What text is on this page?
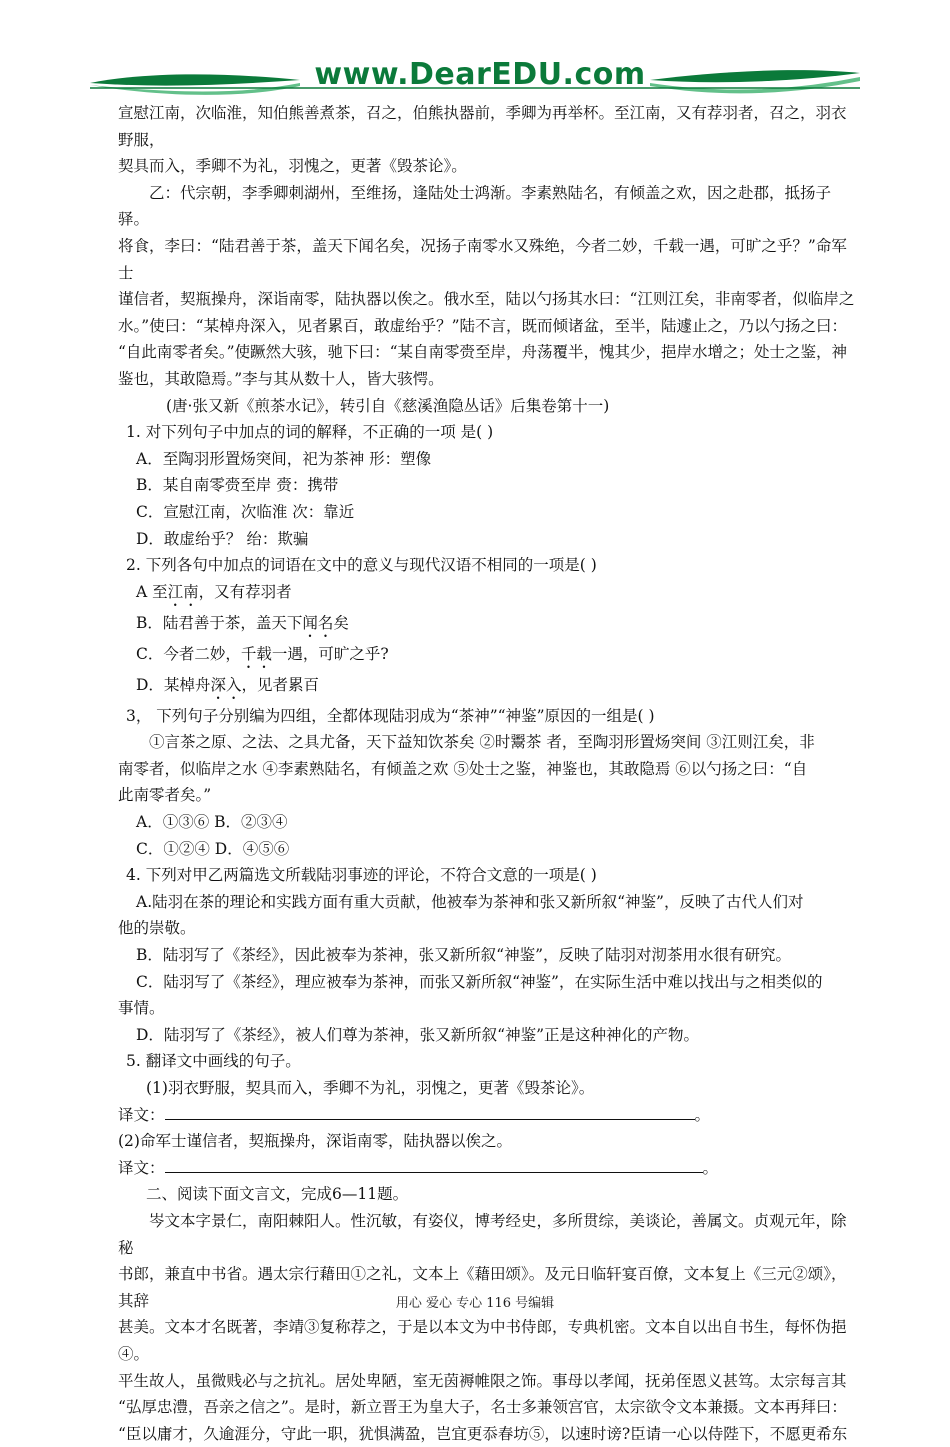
www.DearEDU.com

宣慰江南，次临淮，知伯熊善煮茶，召之，伯熊执器前，季卿为再举杯。至江南，又有荐羽者，召之，羽衣野服，

契具而入，季卿不为礼，羽愧之，更著《毁茶论》。

乙：代宗朝，李季卿刺湖州，至维扬，逢陆处士鸿渐。李素熟陆名，有倾盖之欢，因之赴郡，抵扬子驿。

将食，李曰：“陆君善于茶，盖天下闻名矣，况扬子南零水又殊绝，今者二妙，千载一遇，可旷之乎？”命军士

谨信者，契瓶操舟，深诣南零，陆执器以俟之。俄水至，陆以勺扬其水曰：“江则江矣，非南零者，似临岸之

水。”使曰：“某棹舟深入，见者累百，敢虚绐乎？”陆不言，既而倾诸盆，至半，陆遽止之，乃以勺扬之曰：

“自此南零者矣。”使蹶然大骇，驰下曰：“某自南零赍至岸，舟荡覆半，愧其少，挹岸水增之；处士之鉴，神

鉴也，其敢隐焉。”李与其从数十人，皆大骇愕。

(唐·张又新《煎茶水记》，转引自《慈溪渔隐丛话》后集卷第十一)

1. 对下列句子中加点的词的解释，不正确的一项 是( )

A．至陶羽形置炀突间，祀为茶神 形：塑像

B．某自南零赍至岸 赍：携带

C．宣慰江南，次临淮 次：靠近

D．敢虚绐乎？ 绐：欺骗

2. 下列各句中加点的词语在文中的意义与现代汉语不相同的一项是( )

A 至江南，又有荐羽者

B．陆君善于茶，盖天下闻名矣

C．今者二妙，千载一遇，可旷之乎?

D．某棹舟深入，见者累百

3， 下列句子分别编为四组，全都体现陆羽成为“茶神”“神鉴”原因的一组是( )

①言茶之原、之法、之具尤备，天下益知饮茶矣 ②时鬻茶 者，至陶羽形置炀突间 ③江则江矣，非

南零者，似临岸之水 ④李素熟陆名，有倾盖之欢 ⑤处士之鉴，神鉴也，其敢隐焉 ⑥以勺扬之曰：“自

此南零者矣。”

A．①③⑥ B．②③④

C．①②④ D．④⑤⑥

4. 下列对甲乙两篇选文所载陆羽事迹的评论，不符合文意的一项是( )

A.陆羽在茶的理论和实践方面有重大贡献，他被奉为茶神和张又新所叙“神鉴”，反映了古代人们对

他的崇敬。

B．陆羽写了《茶经》，因此被奉为茶神，张又新所叙“神鉴”，反映了陆羽对沏茶用水很有研究。

C．陆羽写了《茶经》，理应被奉为茶神，而张又新所叙“神鉴”，在实际生活中难以找出与之相类似的

事情。

D．陆羽写了《茶经》，被人们尊为茶神，张又新所叙“神鉴”正是这种神化的产物。

5. 翻译文中画线的句子。

(1)羽衣野服，契具而入，季卿不为礼，羽愧之，更著《毁茶论》。

译文：	。

(2)命军士谨信者，契瓶操舟，深诣南零，陆执器以俟之。

译文：	。

二、阅读下面文言文，完成6—11题。

岑文本字景仁，南阳棘阳人。性沉敏，有姿仪，博考经史，多所贯综，美谈论，善属文。贞观元年，除秘

书郎，兼直中书省。遇太宗行藉田①之礼，文本上《藉田颂》。及元日临轩宴百僚，文本复上《三元②颂》，其辞

甚美。文本才名既著，李靖③复称荐之，于是以本文为中书侍郎，专典机密。文本自以出自书生，每怀伪挹④。

平生故人，虽微贱必与之抗礼。居处卑陋，室无茵褥帷限之饰。事母以孝闻，抚弟侄恩义甚笃。太宗每言其

“弘厚忠澧，吾亲之信之”。是时，新立晋王为皇大子，名士多兼领宫官，太宗欲令文本兼摄。文本再拜曰：

“臣以庸才，久逾涯分，守此一职，犹惧满盈，岂宜更忝春坊⑤，以速时谤?臣请一心以侍陛下，不愿更希东

用心 爱心 专心 116 号编辑
